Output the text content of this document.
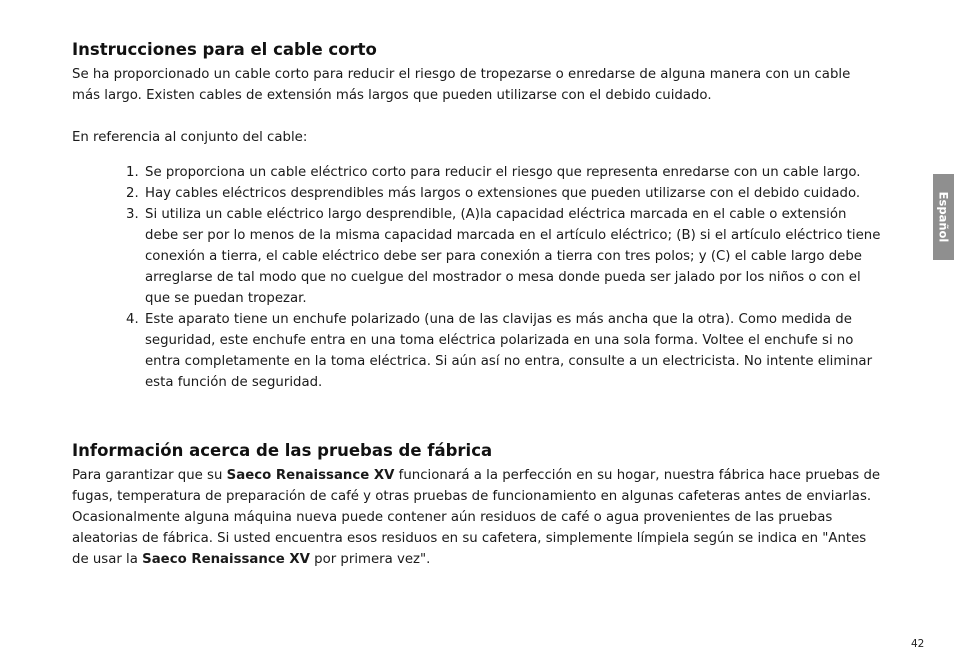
Instrucciones para el cable corto

Se ha proporcionado un cable corto para reducir el riesgo de tropezarse o enredarse de alguna manera con un cable más largo. Existen cables de extensión más largos que pueden utilizarse con el debido cuidado.

En referencia al conjunto del cable:

1. Se proporciona un cable eléctrico corto para reducir el riesgo que representa enredarse con un cable largo.
2. Hay cables eléctricos desprendibles más largos o extensiones que pueden utilizarse con el debido cuidado.
3. Si utiliza un cable eléctrico largo desprendible, (A)la capacidad eléctrica marcada en el cable o extensión debe ser por lo menos de la misma capacidad marcada en el artículo eléctrico; (B) si el artículo eléctrico tiene conexión a tierra, el cable eléctrico debe ser para conexión a tierra con tres polos; y (C) el cable largo debe arreglarse de tal modo que no cuelgue del mostrador o mesa donde pueda ser jalado por los niños o con el que se puedan tropezar.
4. Este aparato tiene un enchufe polarizado (una de las clavijas es más ancha que la otra). Como medida de seguridad, este enchufe entra en una toma eléctrica polarizada en una sola forma. Voltee el enchufe si no entra completamente en la toma eléctrica. Si aún así no entra, consulte a un electricista. No intente eliminar esta función de seguridad.
Información acerca de las pruebas de fábrica

Para garantizar que su Saeco Renaissance XV funcionará a la perfección en su hogar, nuestra fábrica hace pruebas de fugas, temperatura de preparación de café y otras pruebas de funcionamiento en algunas cafeteras antes de enviarlas. Ocasionalmente alguna máquina nueva puede contener aún residuos de café o agua provenientes de las pruebas aleatorias de fábrica. Si usted encuentra esos residuos en su cafetera, simplemente límpiela según se indica en "Antes de usar la Saeco Renaissance XV por primera vez".

Español
42
